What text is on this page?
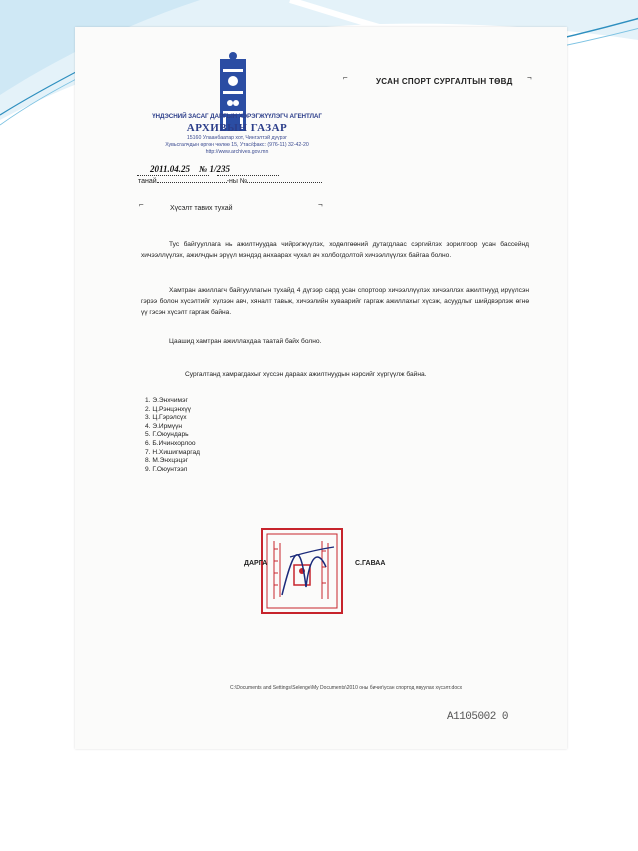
ҮНДЭСНИЙ ЗАСАГ ДАРГЫН ХЭРЭГЖҮҮЛЭГЧ АГЕНТЛАГ
АРХИВЫН ГАЗАР
15160 Улаанбаатар хот, Чингэлтэй дүүрэг
Хувьсгалчдын өргөн чөлөө 15, Утас/факс: (976-11) 32-42-20
http://www.archives.gov.mn
2011.04.25 № 1/235
танай	-ны №
⌐	УСАН СПОРТ СУРГАЛТЫН ТӨВД ¬
⌐	Хүсэлт тавих тухай	¬
Тус байгууллага нь ажилтнуудаа чийрэгжүүлэх, ходөлгөөний дутагдлаас сэргийлэх зорилгоор усан бассейнд хичээллүүлэх, ажилчдын эрүүл мэндэд анхаарах чухал ач холбогдолтой хичээллүүлэх байгаа болно.
Хамтран ажиллагч байгууллагын тухайд 4 дүгээр сард усан спортоор хичээллүүлэх хичээллэх ажилтнууд ирүүлсэн гэрээ болон хүсэлтийг хүлээн авч, хяналт тавьж, хичээлийн хуваарийг гаргаж ажиллахыг хүсэж, асуудлыг шийдвэрлэж өгнө үү гэсэн хүсэлт гаргаж байна.
Цаашид хамтран ажиллахдаа таатай байх болно.
Сургалтанд хамрагдахыг хүссэн дараах ажилтнуудын нэрсийг хүргүүлж байна.
1. Э.Энхчимэг
2. Ц.Рэнцэнхүү
3. Ц.Гэрэлсүх
4. Э.Ирмүүн
5. Г.Оюундарь
6. Б.Ичинхорлоо
7. Н.Хишигмаргад
8. М.Энхцэцэг
9. Г.Оюунтээл
ДАРГА	С.ГАВАА
C:\Documents and Settings\Selenge\My Documents\2010 оны бичиг\усан спортод явуулах хүсэлт.docx
A1105002 0
